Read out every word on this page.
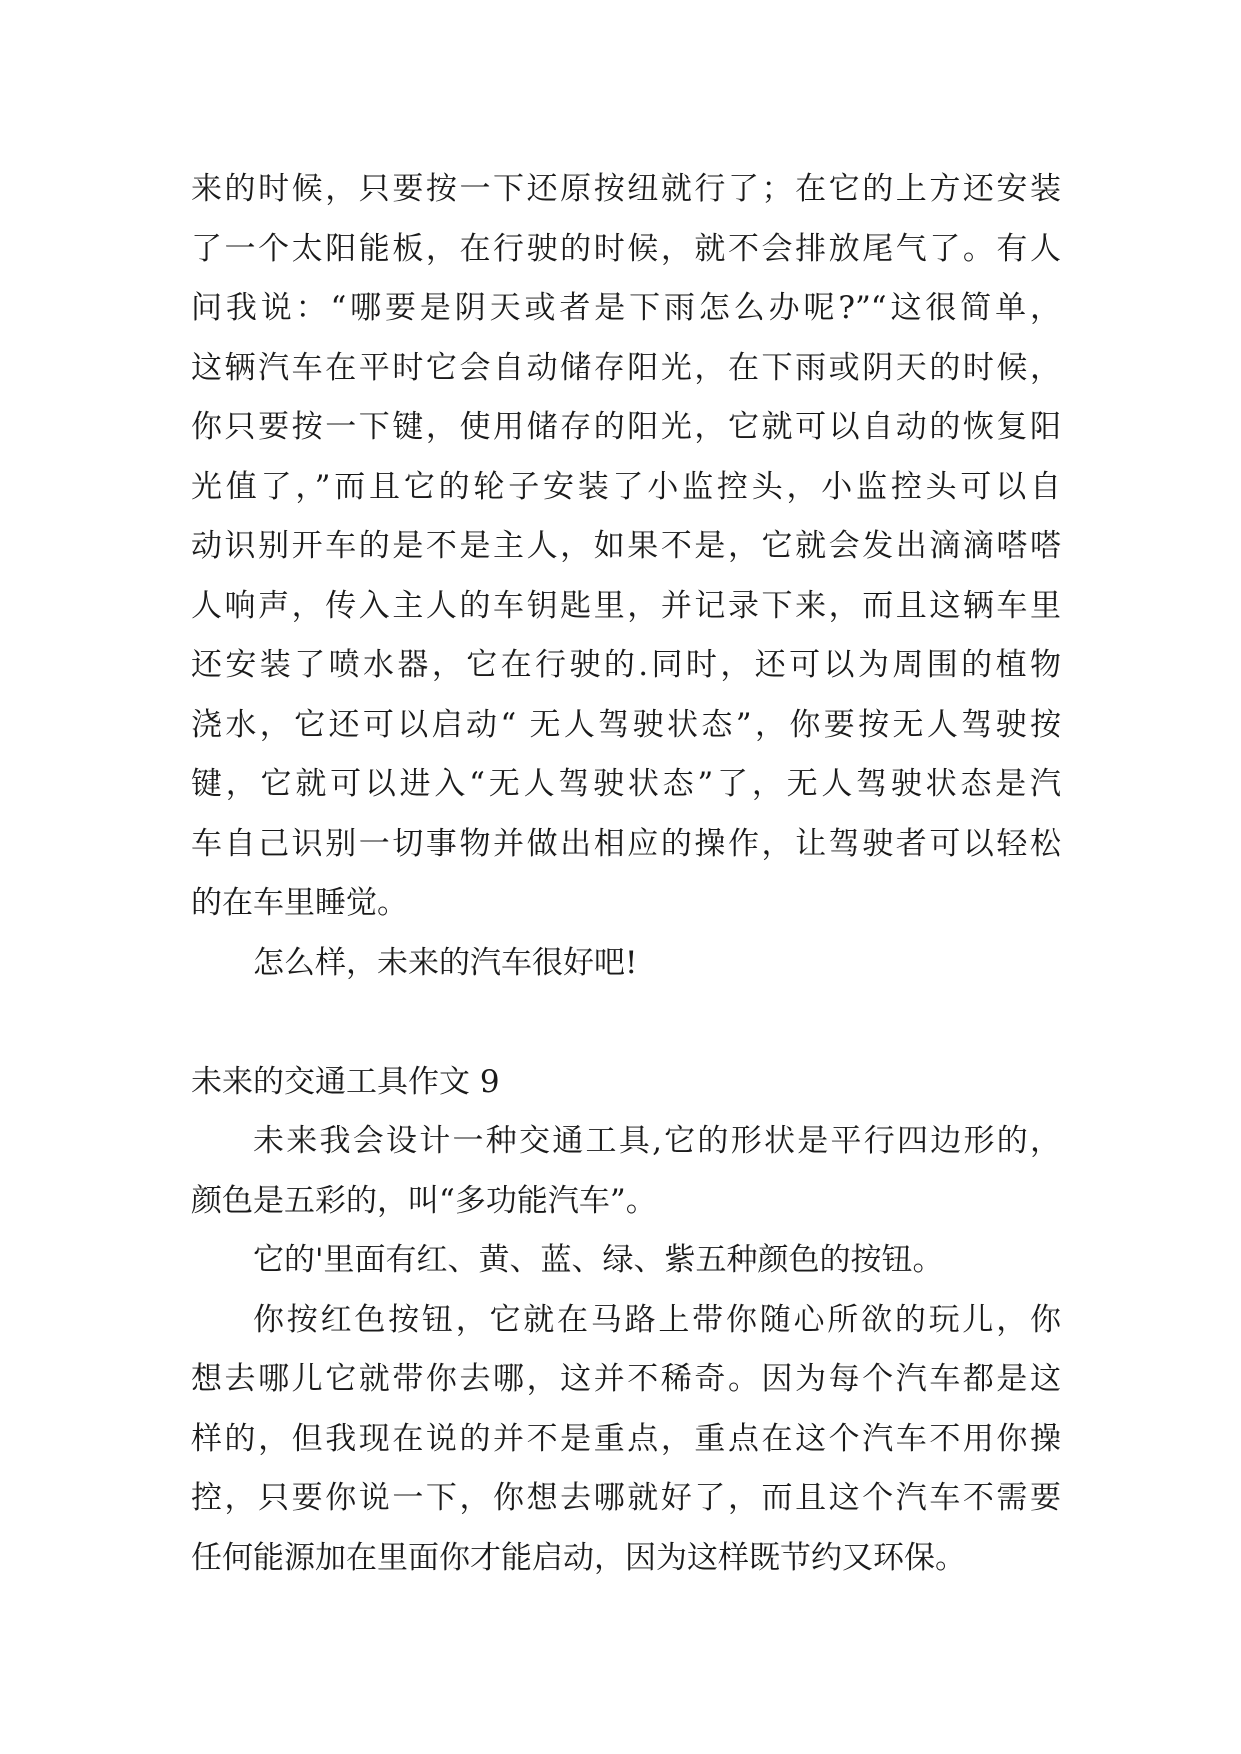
来的时候，只要按一下还原按纽就行了；在它的上方还安装
了一个太阳能板，在行驶的时候，就不会排放尾气了。有人
问我说：“哪要是阴天或者是下雨怎么办呢?”“这很简单，
这辆汽车在平时它会自动储存阳光，在下雨或阴天的时候，
你只要按一下键，使用储存的阳光，它就可以自动的恢复阳
光值了，”而且它的轮子安装了小监控头，小监控头可以自
动识别开车的是不是主人，如果不是，它就会发出滴滴嗒嗒
人响声，传入主人的车钥匙里，并记录下来，而且这辆车里
还安装了喷水器，它在行驶的.同时，还可以为周围的植物
浇水，它还可以启动“ 无人驾驶状态”，你要按无人驾驶按
键，它就可以进入“无人驾驶状态”了，无人驾驶状态是汽
车自己识别一切事物并做出相应的操作，让驾驶者可以轻松
的在车里睡觉。
怎么样，未来的汽车很好吧!
未来的交通工具作文 9
未来我会设计一种交通工具,它的形状是平行四边形的，
颜色是五彩的，叫“多功能汽车”。
它的'里面有红、黄、蓝、绿、紫五种颜色的按钮。
你按红色按钮，它就在马路上带你随心所欲的玩儿，你
想去哪儿它就带你去哪，这并不稀奇。因为每个汽车都是这
样的，但我现在说的并不是重点，重点在这个汽车不用你操
控，只要你说一下，你想去哪就好了，而且这个汽车不需要
任何能源加在里面你才能启动，因为这样既节约又环保。
